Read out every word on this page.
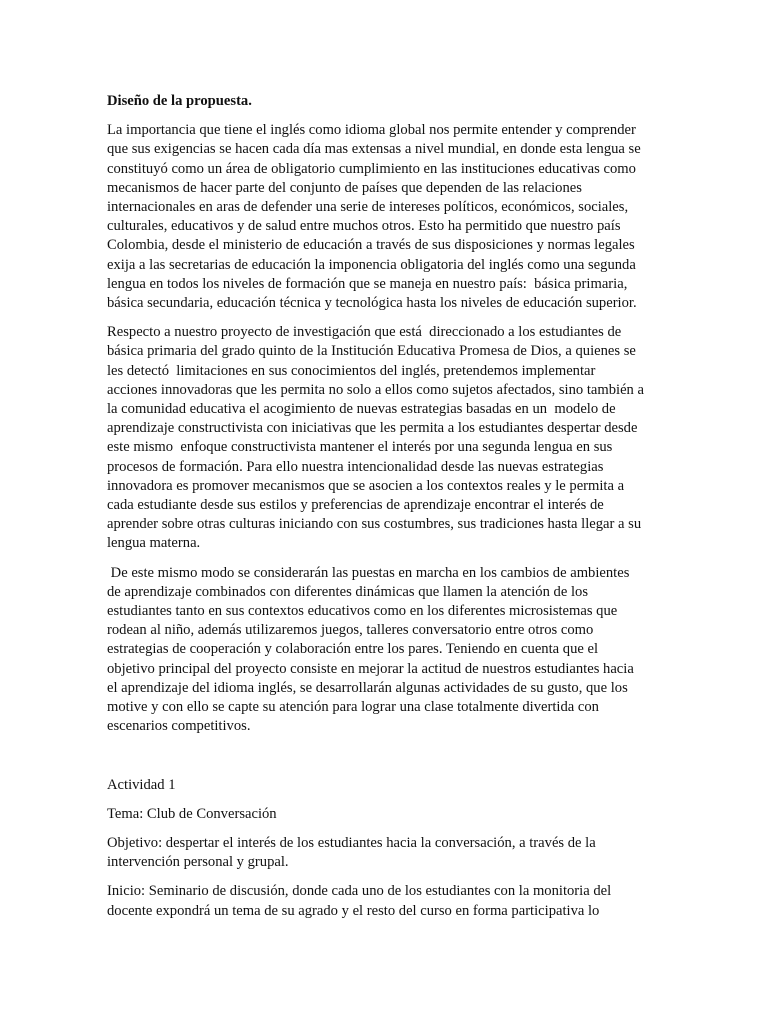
Diseño de la propuesta.

La importancia que tiene el inglés como idioma global nos permite entender y comprender
que sus exigencias se hacen cada día mas extensas a nivel mundial, en donde esta lengua se
constituyó como un área de obligatorio cumplimiento en las instituciones educativas como
mecanismos de hacer parte del conjunto de países que dependen de las relaciones
internacionales en aras de defender una serie de intereses políticos, económicos, sociales,
culturales, educativos y de salud entre muchos otros. Esto ha permitido que nuestro país
Colombia, desde el ministerio de educación a través de sus disposiciones y normas legales
exija a las secretarias de educación la imponencia obligatoria del inglés como una segunda
lengua en todos los niveles de formación que se maneja en nuestro país:  básica primaria,
básica secundaria, educación técnica y tecnológica hasta los niveles de educación superior.

Respecto a nuestro proyecto de investigación que está  direccionado a los estudiantes de
básica primaria del grado quinto de la Institución Educativa Promesa de Dios, a quienes se
les detectó  limitaciones en sus conocimientos del inglés, pretendemos implementar
acciones innovadoras que les permita no solo a ellos como sujetos afectados, sino también a
la comunidad educativa el acogimiento de nuevas estrategias basadas en un  modelo de
aprendizaje constructivista con iniciativas que les permita a los estudiantes despertar desde
este mismo  enfoque constructivista mantener el interés por una segunda lengua en sus
procesos de formación. Para ello nuestra intencionalidad desde las nuevas estrategias
innovadora es promover mecanismos que se asocien a los contextos reales y le permita a
cada estudiante desde sus estilos y preferencias de aprendizaje encontrar el interés de
aprender sobre otras culturas iniciando con sus costumbres, sus tradiciones hasta llegar a su
lengua materna.

De este mismo modo se considerarán las puestas en marcha en los cambios de ambientes
de aprendizaje combinados con diferentes dinámicas que llamen la atención de los
estudiantes tanto en sus contextos educativos como en los diferentes microsistemas que
rodean al niño, además utilizaremos juegos, talleres conversatorio entre otros como
estrategias de cooperación y colaboración entre los pares. Teniendo en cuenta que el
objetivo principal del proyecto consiste en mejorar la actitud de nuestros estudiantes hacia
el aprendizaje del idioma inglés, se desarrollarán algunas actividades de su gusto, que los
motive y con ello se capte su atención para lograr una clase totalmente divertida con
escenarios competitivos.

Actividad 1

Tema: Club de Conversación

Objetivo: despertar el interés de los estudiantes hacia la conversación, a través de la
intervención personal y grupal.

Inicio: Seminario de discusión, donde cada uno de los estudiantes con la monitoria del
docente expondrá un tema de su agrado y el resto del curso en forma participativa lo
